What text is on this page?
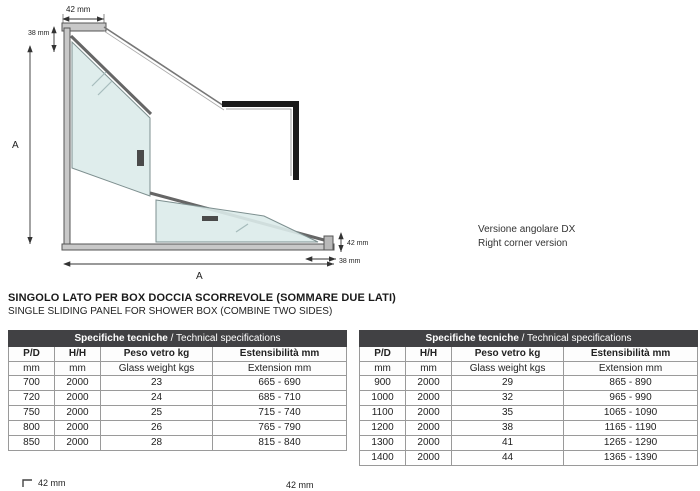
42 mm
38 mm
A
A
42 mm
38 mm
Versione angolare DX
Right corner version
SINGOLO LATO PER BOX DOCCIA SCORREVOLE (SOMMARE DUE LATI)
SINGLE SLIDING PANEL FOR SHOWER BOX (COMBINE TWO SIDES)
Specifiche tecniche / Technical specifications			
P/D	H/H	Peso vetro kg	Estensibilità mm
mm	mm	Glass weight kgs	Extension mm
700	2000	23	665 - 690
720	2000	24	685 - 710
750	2000	25	715 - 740
800	2000	26	765 - 790
850	2000	28	815 - 840
Specifiche tecniche / Technical specifications			
P/D	H/H	Peso vetro kg	Estensibilità mm
mm	mm	Glass weight kgs	Extension mm
900	2000	29	865 - 890
1000	2000	32	965 - 990
1100	2000	35	1065 - 1090
1200	2000	38	1165 - 1190
1300	2000	41	1265 - 1290
1400	2000	44	1365 - 1390
42 mm	42 mm
